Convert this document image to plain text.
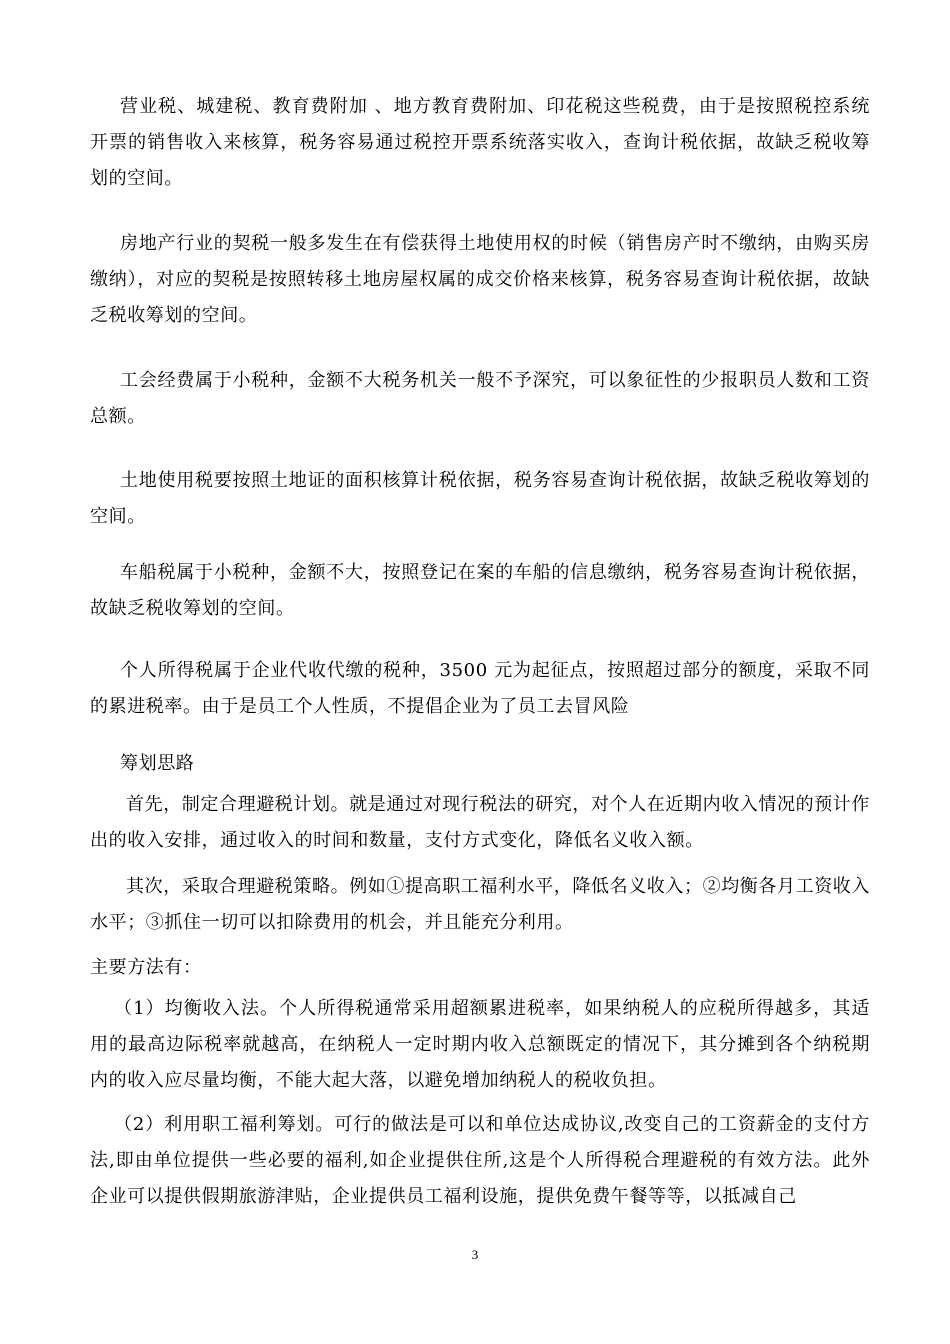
营业税、城建税、教育费附加 、地方教育费附加、印花税这些税费，由于是按照税控系统开票的销售收入来核算，税务容易通过税控开票系统落实收入，查询计税依据，故缺乏税收筹划的空间。

房地产行业的契税一般多发生在有偿获得土地使用权的时候（销售房产时不缴纳，由购买房缴纳），对应的契税是按照转移土地房屋权属的成交价格来核算，税务容易查询计税依据，故缺乏税收筹划的空间。

工会经费属于小税种，金额不大税务机关一般不予深究，可以象征性的少报职员人数和工资总额。

土地使用税要按照土地证的面积核算计税依据，税务容易查询计税依据，故缺乏税收筹划的空间。

车船税属于小税种，金额不大，按照登记在案的车船的信息缴纳，税务容易查询计税依据，故缺乏税收筹划的空间。

个人所得税属于企业代收代缴的税种，3500 元为起征点，按照超过部分的额度，采取不同的累进税率。由于是员工个人性质，不提倡企业为了员工去冒风险

筹划思路

首先，制定合理避税计划。就是通过对现行税法的研究，对个人在近期内收入情况的预计作出的收入安排，通过收入的时间和数量，支付方式变化，降低名义收入额。

其次，采取合理避税策略。例如①提高职工福利水平，降低名义收入；②均衡各月工资收入水平；③抓住一切可以扣除费用的机会，并且能充分利用。

主要方法有：

（1）均衡收入法。个人所得税通常采用超额累进税率，如果纳税人的应税所得越多，其适用的最高边际税率就越高，在纳税人一定时期内收入总额既定的情况下，其分摊到各个纳税期内的收入应尽量均衡，不能大起大落，以避免增加纳税人的税收负担。

（2）利用职工福利筹划。可行的做法是可以和单位达成协议,改变自己的工资薪金的支付方法,即由单位提供一些必要的福利,如企业提供住所,这是个人所得税合理避税的有效方法。此外企业可以提供假期旅游津贴，企业提供员工福利设施，提供免费午餐等等，以抵减自己

3
